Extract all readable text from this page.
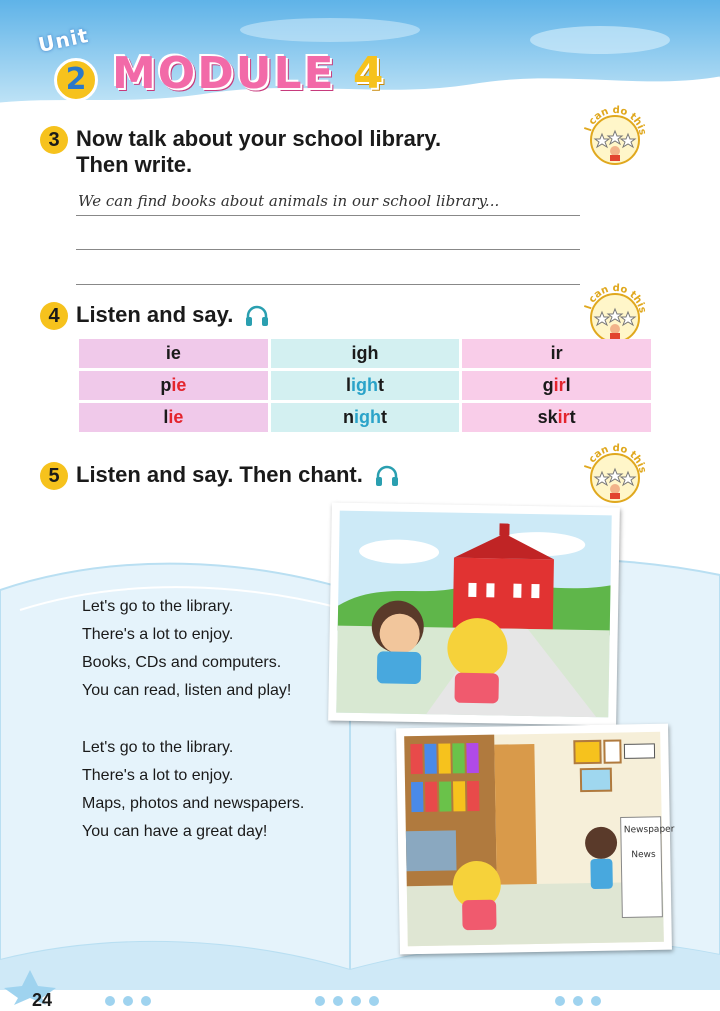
Unit
2 MODULE 4
3 Now talk about your school library.
Then write.
We can find books about animals in our school library...
I can do this
4 Listen and say.	I can do this
ie	igh	ir
pie	light	girl
lie	night	skirt
5 Listen and say. Then chant.	I can do this
Let's go to the library.
There's a lot to enjoy.
Books, CDs and computers.
You can read, listen and play!
Let's go to the library.
There's a lot to enjoy.
Maps, photos and newspapers.
You can have a great day!	Newspaper
News
24
